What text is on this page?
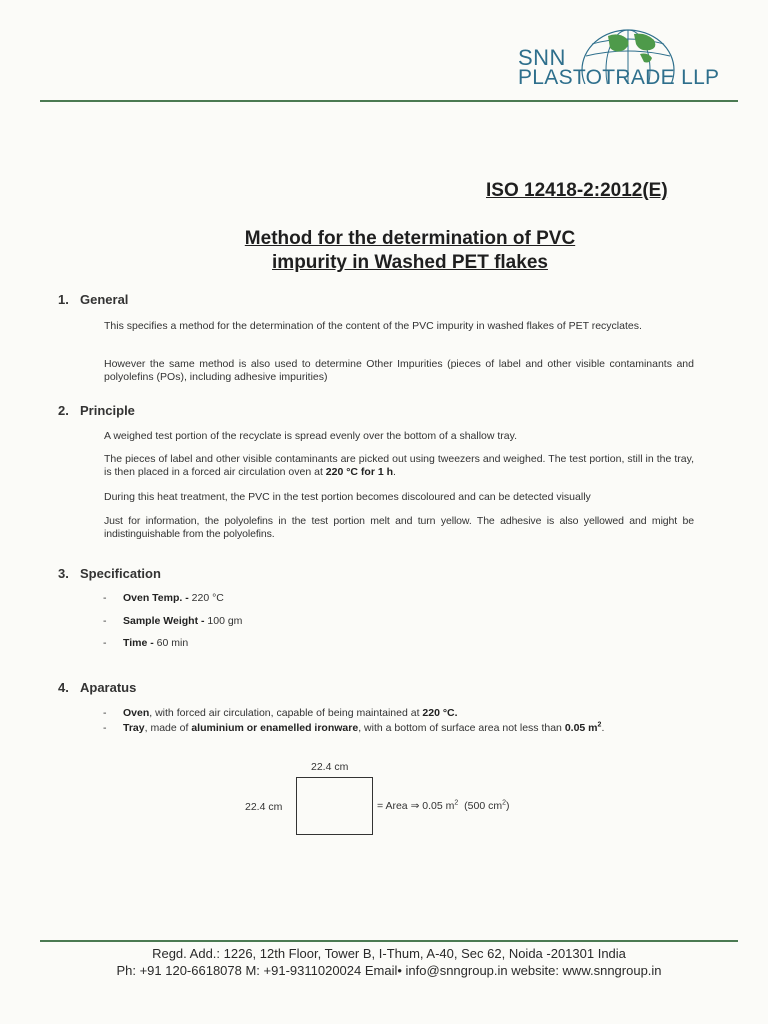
SNN
PLASTOTRADE LLP
ISO 12418-2:2012(E)
Method for the determination of PVC
impurity in Washed PET flakes
1. General
This specifies a method for the determination of the content of the PVC impurity in washed flakes of PET recyclates.
However the same method is also used to determine Other Impurities (pieces of label and other visible contaminants and polyolefins (POs), including adhesive impurities)
2. Principle
A weighed test portion of the recyclate is spread evenly over the bottom of a shallow tray.
The pieces of label and other visible contaminants are picked out using tweezers and weighed. The test portion, still in the tray, is then placed in a forced air circulation oven at 220 °C for 1 h.
During this heat treatment, the PVC in the test portion becomes discoloured and can be detected visually
Just for information, the polyolefins in the test portion melt and turn yellow. The adhesive is also yellowed and might be indistinguishable from the polyolefins.
3. Specification
- Oven Temp. - 220 °C
- Sample Weight - 100 gm
- Time - 60 min
4. Aparatus
- Oven, with forced air circulation, capable of being maintained at 220 °C.
- Tray, made of aluminium or enamelled ironware, with a bottom of surface area not less than 0.05 $m^2$.
22.4 cm
22.4 cm	= Area ⇒ 0.05 $m^2$ (500 $cm^2$)
Regd. Add.: 1226, 12th Floor, Tower B, I-Thum, A-40, Sec 62, Noida -201301 India
Ph: +91 120-6618078 M: +91-9311020024 Email• info@snngroup.in website: www.snngroup.in
